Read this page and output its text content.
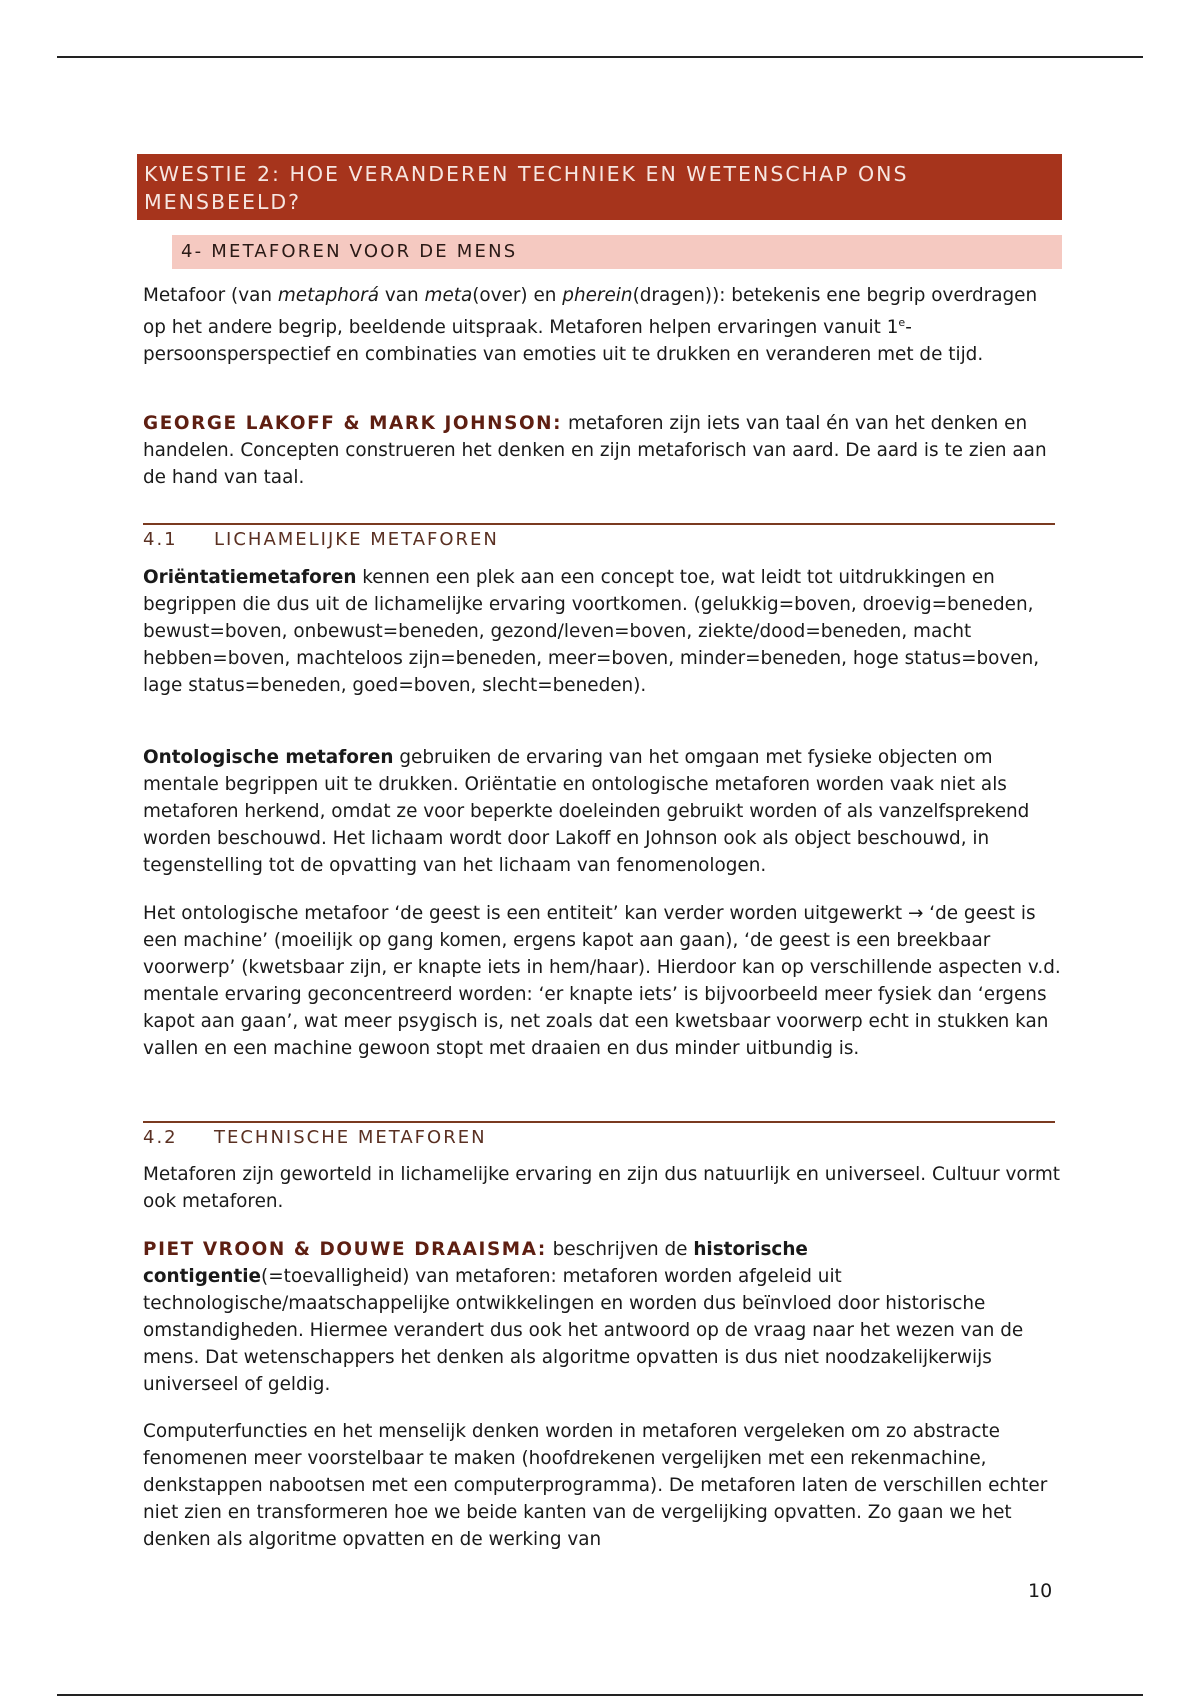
KWESTIE 2: HOE VERANDEREN TECHNIEK EN WETENSCHAP ONS MENSBEELD?
4- METAFOREN VOOR DE MENS

Metafoor (van metaphorá van meta(over) en pherein(dragen)): betekenis ene begrip overdragen op het andere begrip, beeldende uitspraak. Metaforen helpen ervaringen vanuit 1e-persoonsperspectief en combinaties van emoties uit te drukken en veranderen met de tijd.

GEORGE LAKOFF & MARK JOHNSON: metaforen zijn iets van taal én van het denken en handelen. Concepten construeren het denken en zijn metaforisch van aard. De aard is te zien aan de hand van taal.

4.1 LICHAMELIJKE METAFOREN

Oriëntatiemetaforen kennen een plek aan een concept toe, wat leidt tot uitdrukkingen en begrippen die dus uit de lichamelijke ervaring voortkomen. (gelukkig=boven, droevig=beneden, bewust=boven, onbewust=beneden, gezond/leven=boven, ziekte/dood=beneden, macht hebben=boven, machteloos zijn=beneden, meer=boven, minder=beneden, hoge status=boven, lage status=beneden, goed=boven, slecht=beneden).

Ontologische metaforen gebruiken de ervaring van het omgaan met fysieke objecten om mentale begrippen uit te drukken. Oriëntatie en ontologische metaforen worden vaak niet als metaforen herkend, omdat ze voor beperkte doeleinden gebruikt worden of als vanzelfsprekend worden beschouwd. Het lichaam wordt door Lakoff en Johnson ook als object beschouwd, in tegenstelling tot de opvatting van het lichaam van fenomenologen.

Het ontologische metafoor ‘de geest is een entiteit’ kan verder worden uitgewerkt → ‘de geest is een machine’ (moeilijk op gang komen, ergens kapot aan gaan), ‘de geest is een breekbaar voorwerp’ (kwetsbaar zijn, er knapte iets in hem/haar). Hierdoor kan op verschillende aspecten v.d. mentale ervaring geconcentreerd worden: ‘er knapte iets’ is bijvoorbeeld meer fysiek dan ‘ergens kapot aan gaan’, wat meer psygisch is, net zoals dat een kwetsbaar voorwerp echt in stukken kan vallen en een machine gewoon stopt met draaien en dus minder uitbundig is.

4.2 TECHNISCHE METAFOREN

Metaforen zijn geworteld in lichamelijke ervaring en zijn dus natuurlijk en universeel. Cultuur vormt ook metaforen.

PIET VROON & DOUWE DRAAISMA: beschrijven de historische contigentie(=toevalligheid) van metaforen: metaforen worden afgeleid uit technologische/maatschappelijke ontwikkelingen en worden dus beïnvloed door historische omstandigheden. Hiermee verandert dus ook het antwoord op de vraag naar het wezen van de mens. Dat wetenschappers het denken als algoritme opvatten is dus niet noodzakelijkerwijs universeel of geldig.

Computerfuncties en het menselijk denken worden in metaforen vergeleken om zo abstracte fenomenen meer voorstelbaar te maken (hoofdrekenen vergelijken met een rekenmachine, denkstappen nabootsen met een computerprogramma). De metaforen laten de verschillen echter niet zien en transformeren hoe we beide kanten van de vergelijking opvatten. Zo gaan we het denken als algoritme opvatten en de werking van

10
